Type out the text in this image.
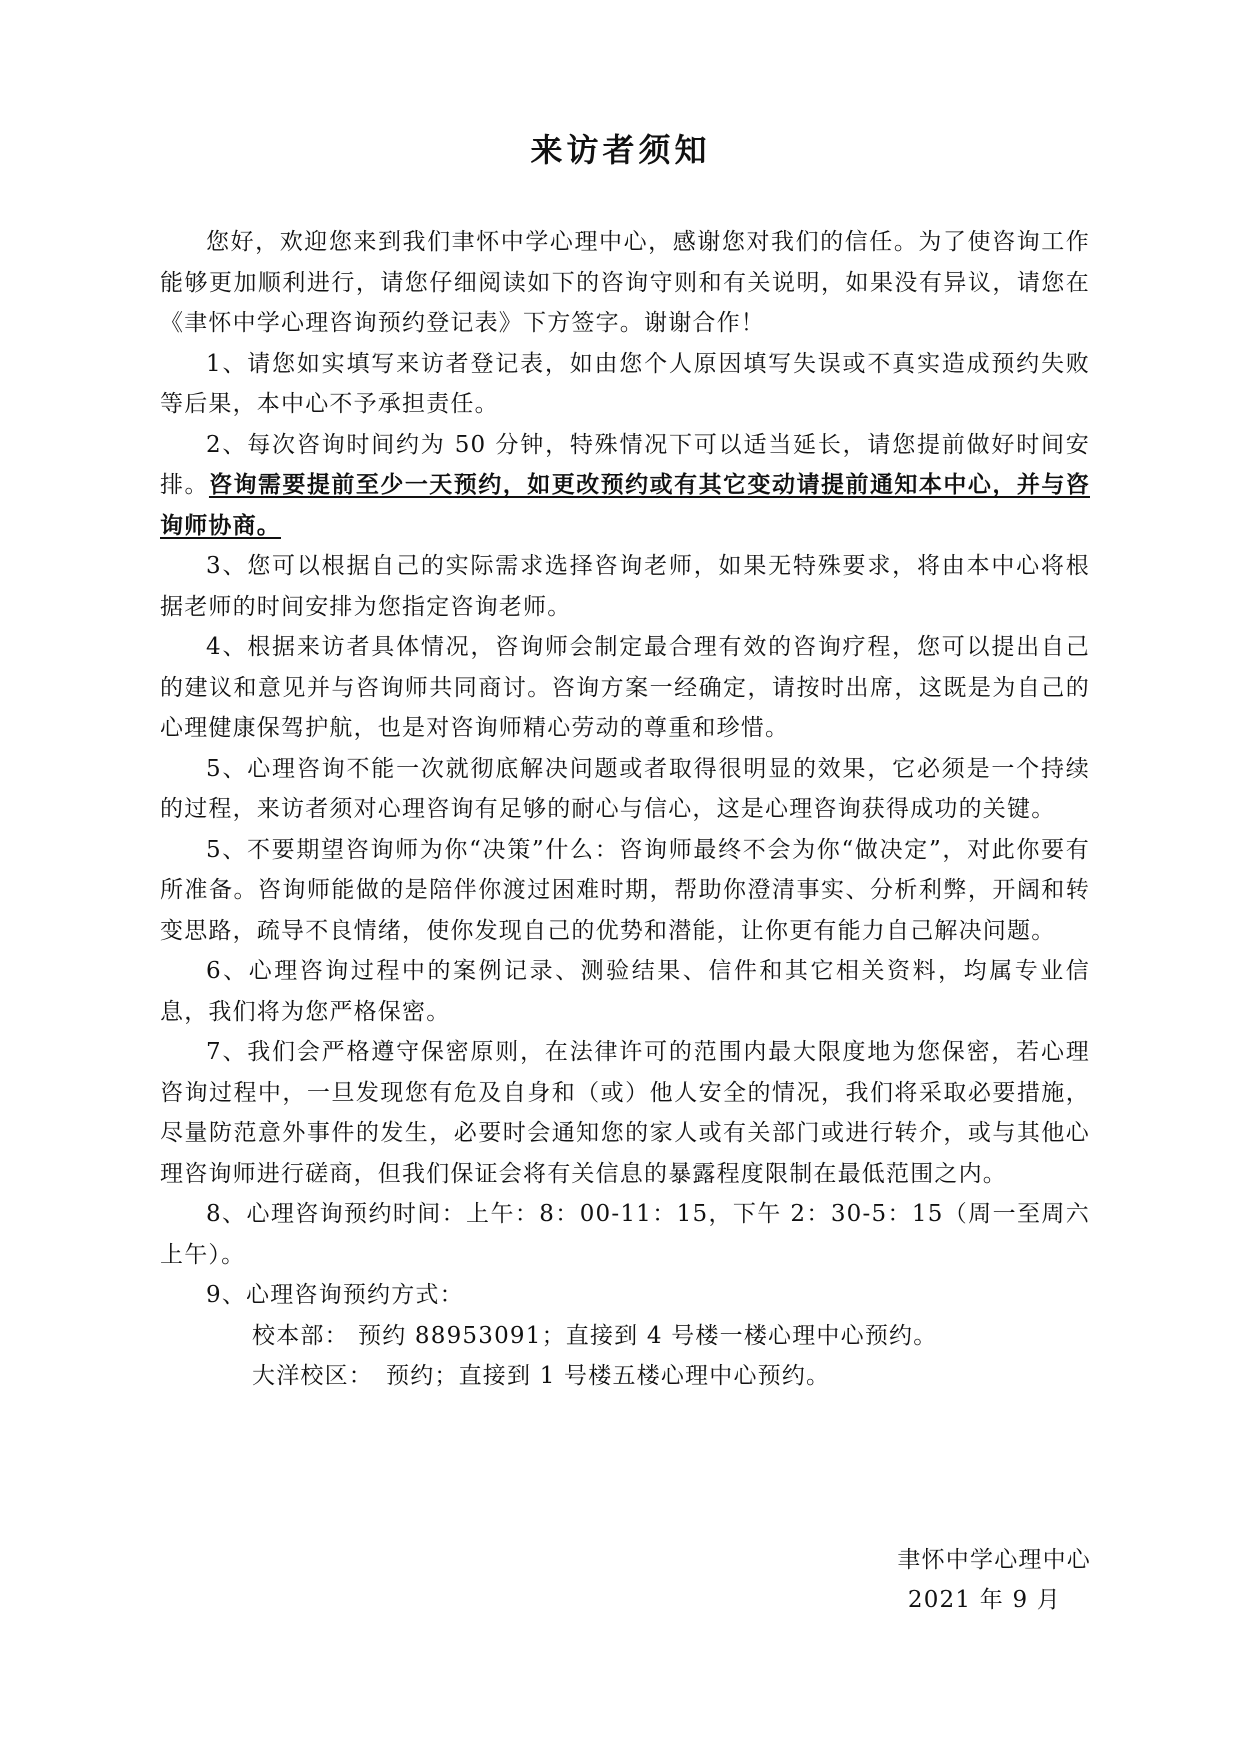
来访者须知

您好，欢迎您来到我们聿怀中学心理中心，感谢您对我们的信任。为了使咨询工作能够更加顺利进行，请您仔细阅读如下的咨询守则和有关说明，如果没有异议，请您在《聿怀中学心理咨询预约登记表》下方签字。谢谢合作！

1、请您如实填写来访者登记表，如由您个人原因填写失误或不真实造成预约失败等后果，本中心不予承担责任。

2、每次咨询时间约为 50 分钟，特殊情况下可以适当延长，请您提前做好时间安排。咨询需要提前至少一天预约，如更改预约或有其它变动请提前通知本中心，并与咨询师协商。

3、您可以根据自己的实际需求选择咨询老师，如果无特殊要求，将由本中心将根据老师的时间安排为您指定咨询老师。

4、根据来访者具体情况，咨询师会制定最合理有效的咨询疗程，您可以提出自己的建议和意见并与咨询师共同商讨。咨询方案一经确定，请按时出席，这既是为自己的心理健康保驾护航，也是对咨询师精心劳动的尊重和珍惜。

5、心理咨询不能一次就彻底解决问题或者取得很明显的效果，它必须是一个持续的过程，来访者须对心理咨询有足够的耐心与信心，这是心理咨询获得成功的关键。

5、不要期望咨询师为你“决策”什么：咨询师最终不会为你“做决定”，对此你要有所准备。咨询师能做的是陪伴你渡过困难时期，帮助你澄清事实、分析利弊，开阔和转变思路，疏导不良情绪，使你发现自己的优势和潜能，让你更有能力自己解决问题。

6、心理咨询过程中的案例记录、测验结果、信件和其它相关资料，均属专业信息，我们将为您严格保密。

7、我们会严格遵守保密原则，在法律许可的范围内最大限度地为您保密，若心理咨询过程中，一旦发现您有危及自身和（或）他人安全的情况，我们将采取必要措施，尽量防范意外事件的发生，必要时会通知您的家人或有关部门或进行转介，或与其他心理咨询师进行磋商，但我们保证会将有关信息的暴露程度限制在最低范围之内。

8、心理咨询预约时间：上午：8：00-11：15，下午 2：30-5：15（周一至周六上午）。

9、心理咨询预约方式：

校本部： 预约 88953091；直接到 4 号楼一楼心理中心预约。
大洋校区： 预约；直接到 1 号楼五楼心理中心预约。
聿怀中学心理中心
2021 年 9 月
